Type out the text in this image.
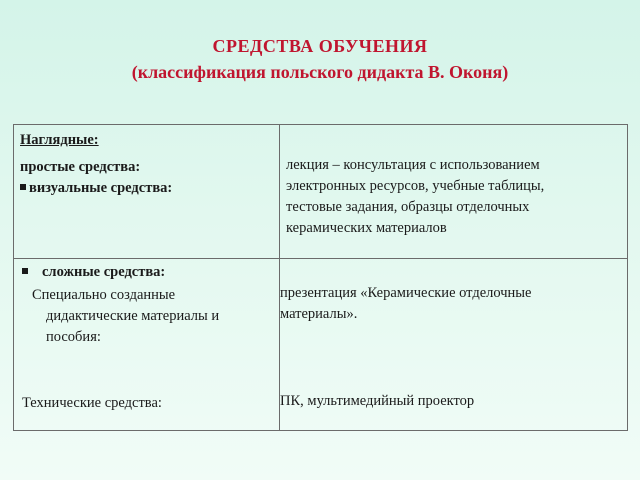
СРЕДСТВА ОБУЧЕНИЯ
(классификация польского дидакта В. Оконя)
Наглядные:
простые средства:
визуальные средства:
лекция – консультация с использованием
электронных ресурсов, учебные таблицы,
тестовые задания, образцы отделочных
керамических материалов
сложные средства:
Специально созданные
дидактические материалы и
пособия:
Технические средства:
презентация «Керамические отделочные
материалы».
ПК, мультимедийный проектор
